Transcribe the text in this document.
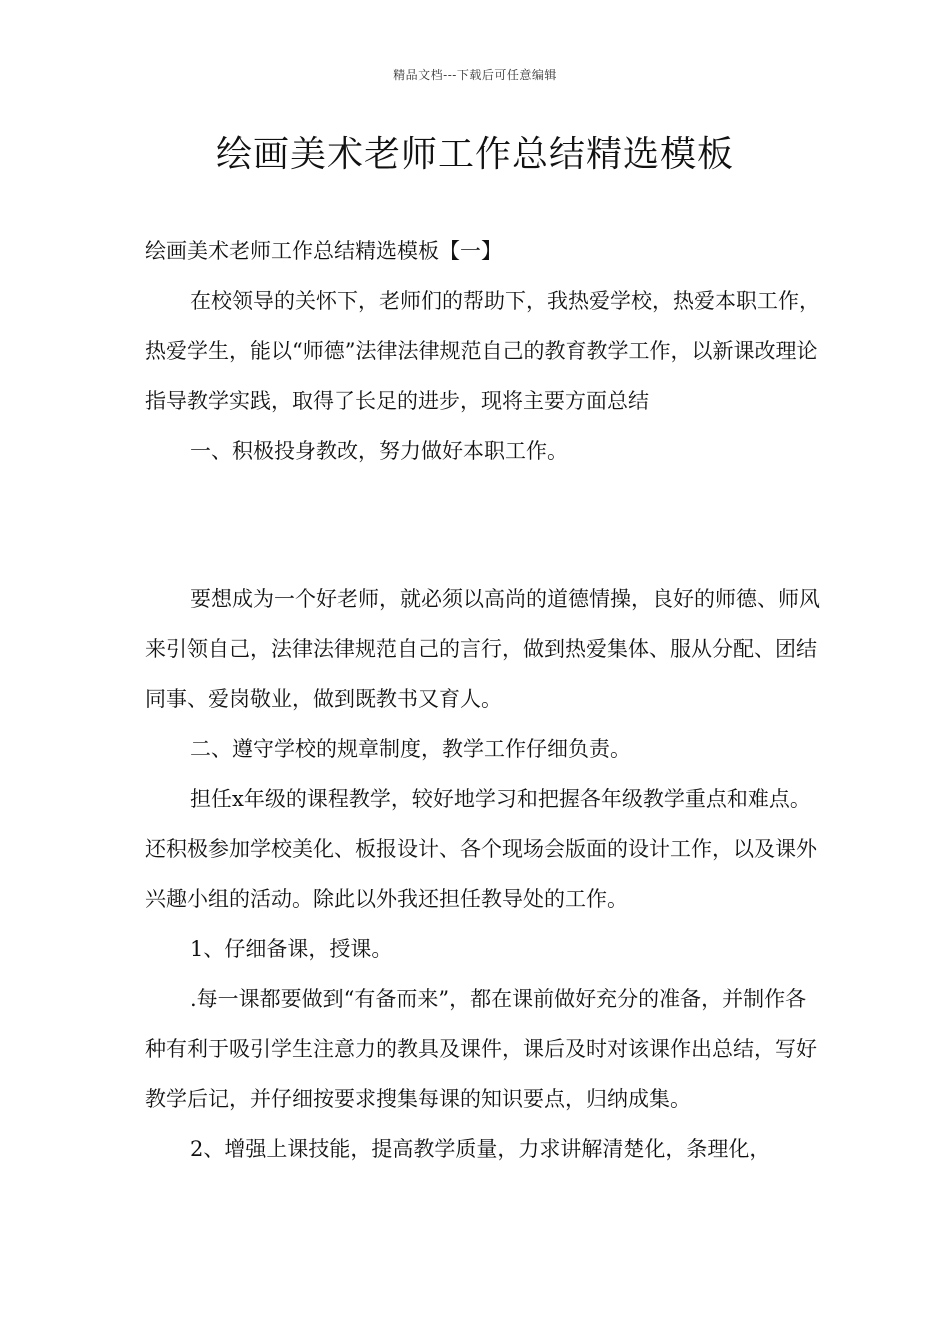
精品文档---下载后可任意编辑
绘画美术老师工作总结精选模板

绘画美术老师工作总结精选模板【一】

在校领导的关怀下，老师们的帮助下，我热爱学校，热爱本职工作，热爱学生，能以“师德”法律法律规范自己的教育教学工作，以新课改理论指导教学实践，取得了长足的进步，现将主要方面总结

一、积极投身教改，努力做好本职工作。

要想成为一个好老师，就必须以高尚的道德情操，良好的师德、师风来引领自己，法律法律规范自己的言行，做到热爱集体、服从分配、团结同事、爱岗敬业，做到既教书又育人。

二、遵守学校的规章制度，教学工作仔细负责。

担任x年级的课程教学，较好地学习和把握各年级教学重点和难点。还积极参加学校美化、板报设计、各个现场会版面的设计工作，以及课外兴趣小组的活动。除此以外我还担任教导处的工作。

1、仔细备课，授课。

.每一课都要做到“有备而来”，都在课前做好充分的准备，并制作各种有利于吸引学生注意力的教具及课件，课后及时对该课作出总结，写好教学后记，并仔细按要求搜集每课的知识要点，归纳成集。

2、增强上课技能，提高教学质量，力求讲解清楚化，条理化，
